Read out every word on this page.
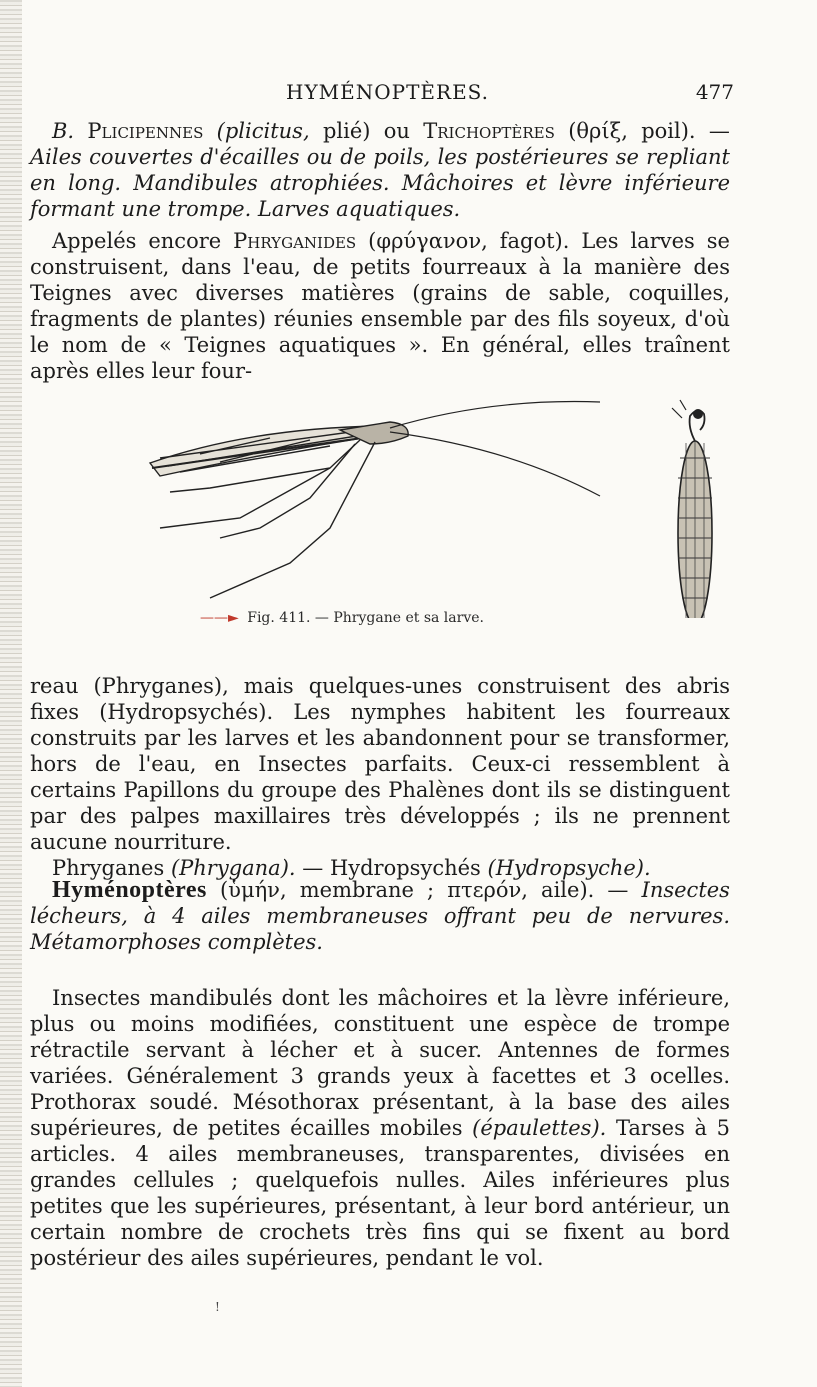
HYMÉNOPTÈRES.	477

B. Plicipennes (plicitus, plié) ou Trichoptères (θρίξ, poil). — Ailes couvertes d'écailles ou de poils, les postérieures se repliant en long. Mandibules atrophiées. Mâchoires et lèvre inférieure formant une trompe. Larves aquatiques.

Appelés encore Phryganides (φρύγανον, fagot). Les larves se construisent, dans l'eau, de petits fourreaux à la manière des Teignes avec diverses matières (grains de sable, coquilles, fragments de plantes) réunies ensemble par des fils soyeux, d'où le nom de « Teignes aquatiques ». En général, elles traînent après elles leur four-

——► Fig. 411. — Phrygane et sa larve.

reau (Phryganes), mais quelques-unes construisent des abris fixes (Hydropsychés). Les nymphes habitent les fourreaux construits par les larves et les abandonnent pour se transformer, hors de l'eau, en Insectes parfaits. Ceux-ci ressemblent à certains Papillons du groupe des Phalènes dont ils se distinguent par des palpes maxillaires très développés ; ils ne prennent aucune nourriture.

Phryganes (Phrygana). — Hydropsychés (Hydropsyche).

Hyménoptères (ὑμήν, membrane ; πτερόν, aile). — Insectes lécheurs, à 4 ailes membraneuses offrant peu de nervures. Métamorphoses complètes.

Insectes mandibulés dont les mâchoires et la lèvre inférieure, plus ou moins modifiées, constituent une espèce de trompe rétractile servant à lécher et à sucer. Antennes de formes variées. Généralement 3 grands yeux à facettes et 3 ocelles. Prothorax soudé. Mésothorax présentant, à la base des ailes supérieures, de petites écailles mobiles (épaulettes). Tarses à 5 articles. 4 ailes membraneuses, transparentes, divisées en grandes cellules ; quelquefois nulles. Ailes inférieures plus petites que les supérieures, présentant, à leur bord antérieur, un certain nombre de crochets très fins qui se fixent au bord postérieur des ailes supérieures, pendant le vol.

!
